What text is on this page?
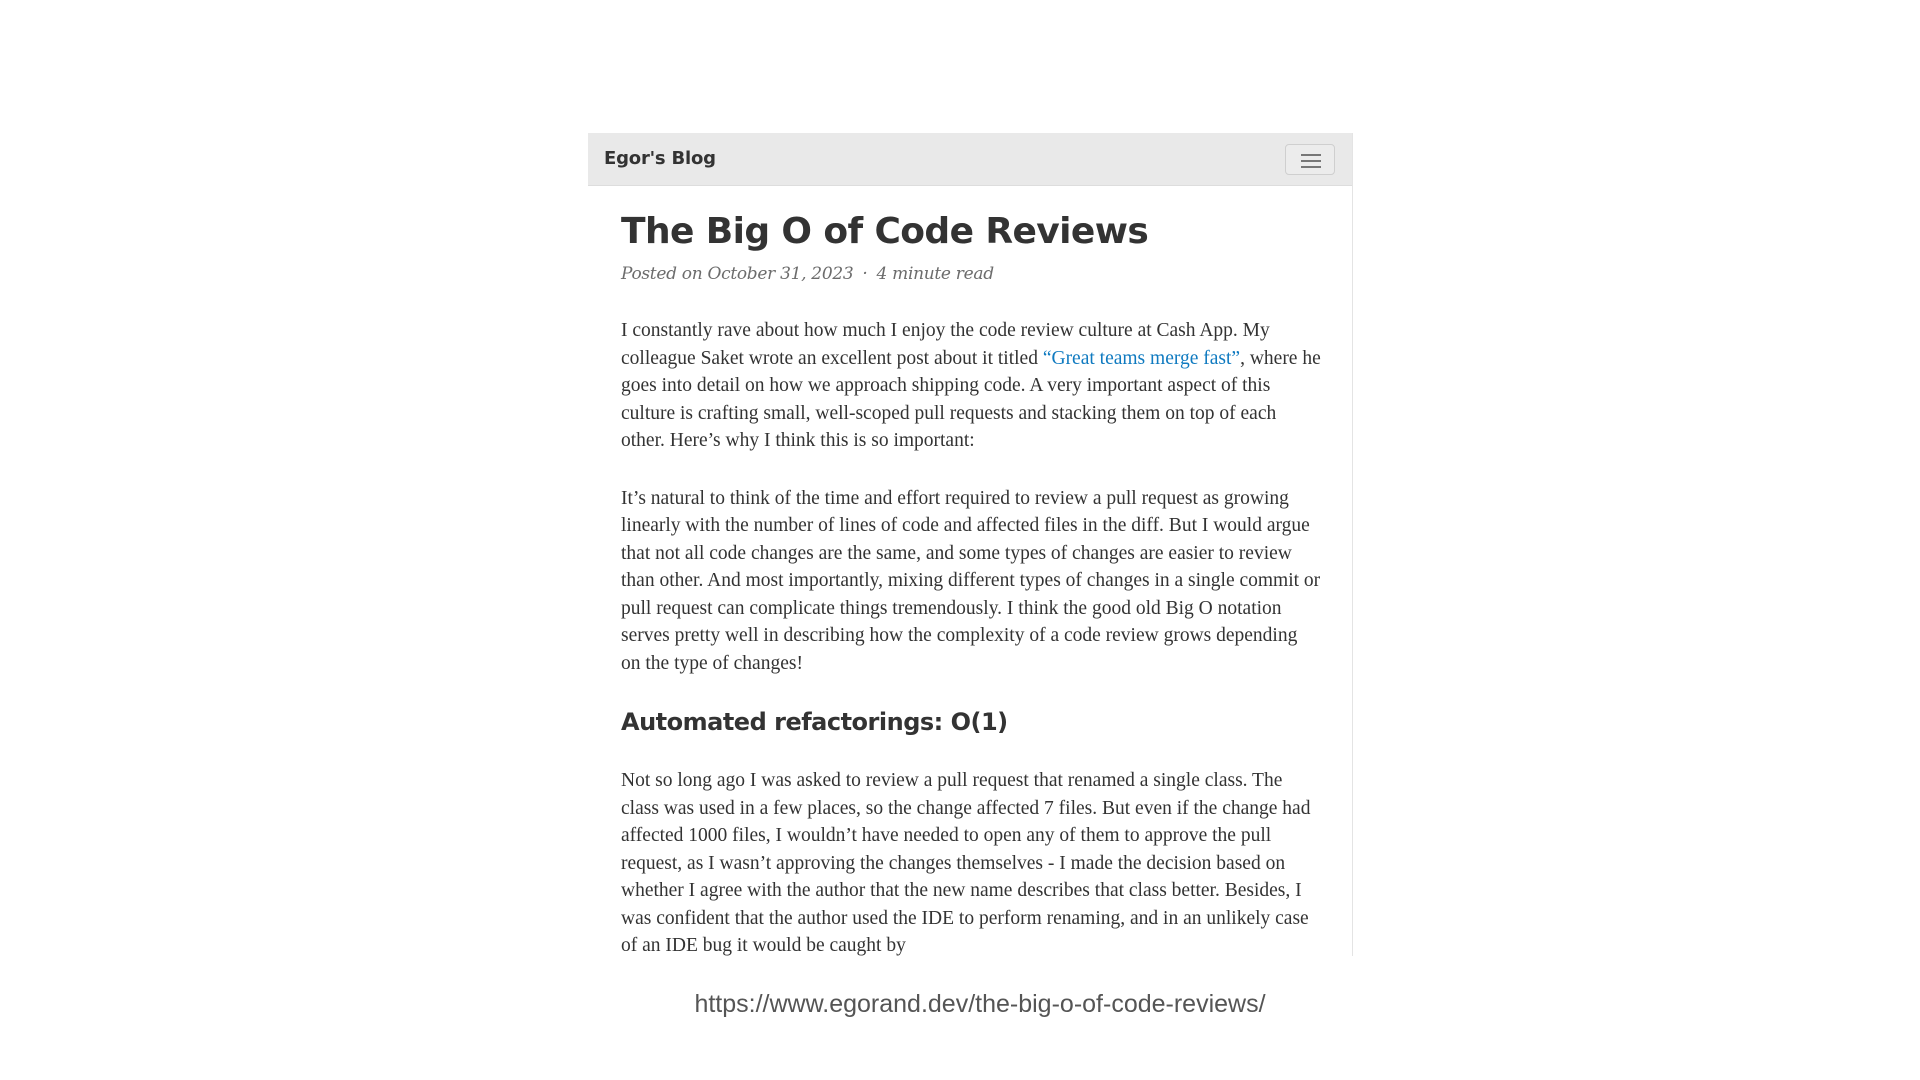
Egor's Blog
The Big O of Code Reviews
Posted on October 31, 2023 · 4 minute read

I constantly rave about how much I enjoy the code review culture at Cash App. My colleague Saket wrote an excellent post about it titled “Great teams merge fast”, where he goes into detail on how we approach shipping code. A very important aspect of this culture is crafting small, well-scoped pull requests and stacking them on top of each other. Here’s why I think this is so important:

It’s natural to think of the time and effort required to review a pull request as growing linearly with the number of lines of code and affected files in the diff. But I would argue that not all code changes are the same, and some types of changes are easier to review than other. And most importantly, mixing different types of changes in a single commit or pull request can complicate things tremendously. I think the good old Big O notation serves pretty well in describing how the complexity of a code review grows depending on the type of changes!

Automated refactorings: O(1)

Not so long ago I was asked to review a pull request that renamed a single class. The class was used in a few places, so the change affected 7 files. But even if the change had affected 1000 files, I wouldn’t have needed to open any of them to approve the pull request, as I wasn’t approving the changes themselves - I made the decision based on whether I agree with the author that the new name describes that class better. Besides, I was confident that the author used the IDE to perform renaming, and in an unlikely case of an IDE bug it would be caught by

https://www.egorand.dev/the-big-o-of-code-reviews/
